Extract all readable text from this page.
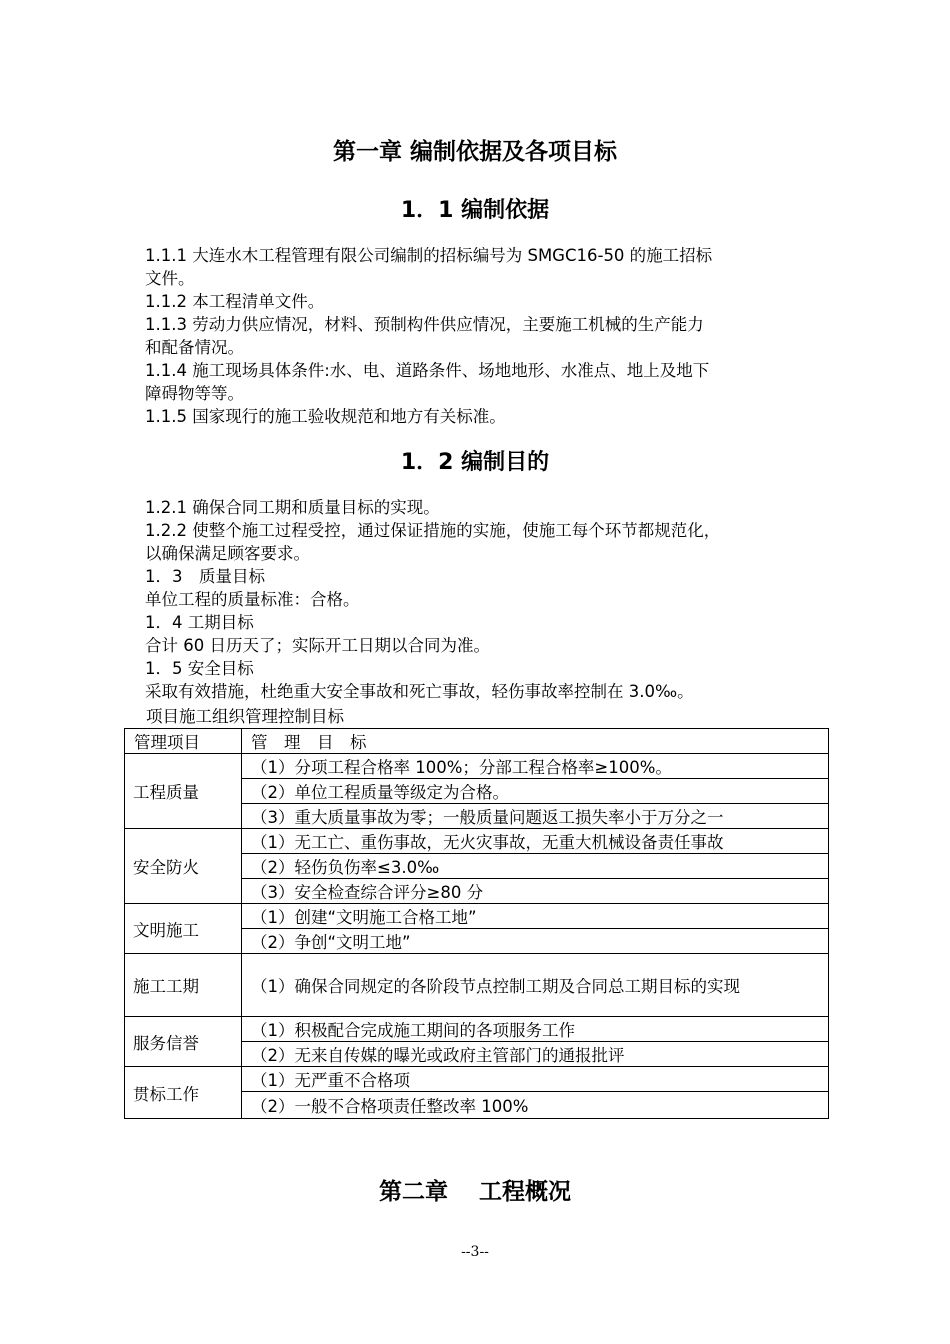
第一章 编制依据及各项目标
1．1 编制依据

1.1.1 大连水木工程管理有限公司编制的招标编号为 SMGC16-50 的施工招标

文件。

1.1.2 本工程清单文件。

1.1.3 劳动力供应情况，材料、预制构件供应情况，主要施工机械的生产能力

和配备情况。

1.1.4 施工现场具体条件:水、电、道路条件、场地地形、水准点、地上及地下

障碍物等等。

1.1.5 国家现行的施工验收规范和地方有关标准。

1．2 编制目的

1.2.1 确保合同工期和质量目标的实现。

1.2.2 使整个施工过程受控，通过保证措施的实施，使施工每个环节都规范化，

以确保满足顾客要求。

1．3　质量目标

单位工程的质量标准：合格。

1．4 工期目标

合计 60 日历天了；实际开工日期以合同为准。

1．5 安全目标

采取有效措施，杜绝重大安全事故和死亡事故，轻伤事故率控制在 3.0‰。

项目施工组织管理控制目标

管理项目	管　理　目　标
工程质量	（1）分项工程合格率 100%；分部工程合格率≥100%。
	（2）单位工程质量等级定为合格。
	（3）重大质量事故为零；一般质量问题返工损失率小于万分之一
安全防火	（1）无工亡、重伤事故，无火灾事故，无重大机械设备责任事故
	（2）轻伤负伤率≤3.0‰
	（3）安全检查综合评分≥80 分
文明施工	（1）创建“文明施工合格工地”
	（2）争创“文明工地”
施工工期	（1）确保合同规定的各阶段节点控制工期及合同总工期目标的实现
服务信誉	（1）积极配合完成施工期间的各项服务工作
	（2）无来自传媒的曝光或政府主管部门的通报批评
贯标工作	（1）无严重不合格项
	（2）一般不合格项责任整改率 100%
第二章　 工程概况
--3--
